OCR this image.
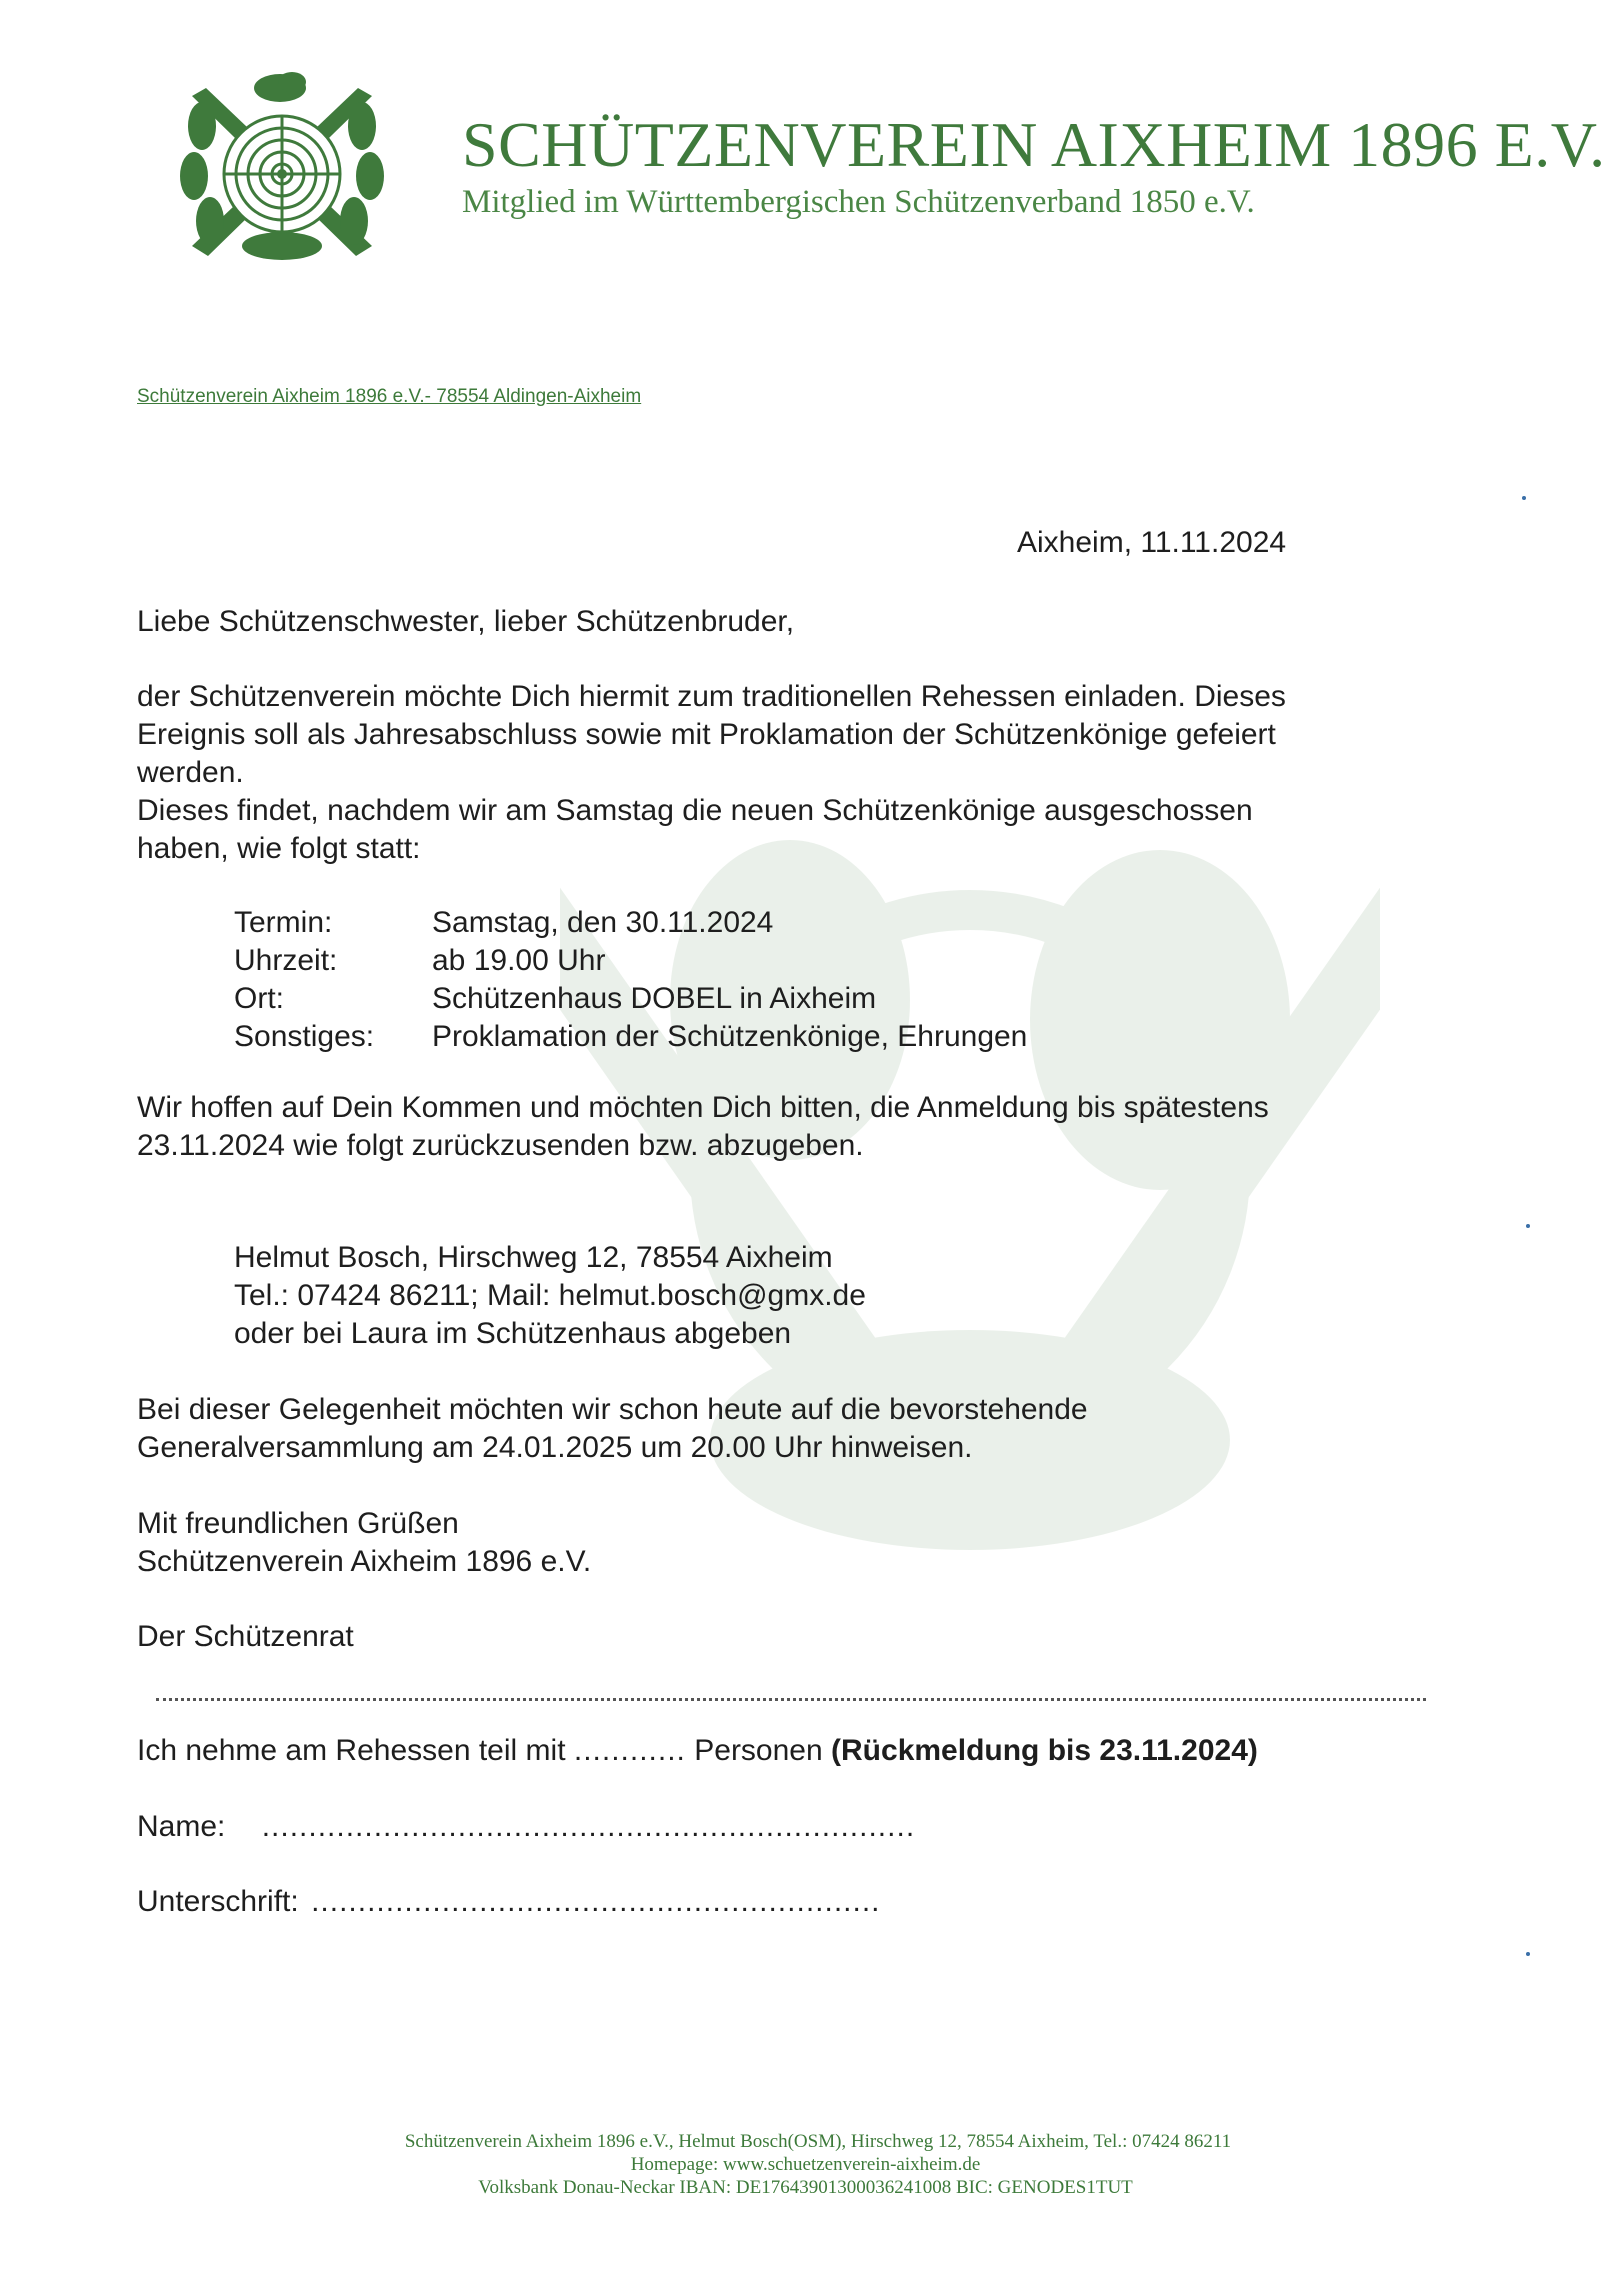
SCHÜTZENVEREIN AIXHEIM 1896 E.V.
Mitglied im Württembergischen Schützenverband 1850 e.V.
Schützenverein Aixheim 1896 e.V.- 78554 Aldingen-Aixheim
Aixheim, 11.11.2024
Liebe Schützenschwester, lieber Schützenbruder,
der Schützenverein möchte Dich hiermit zum traditionellen Rehessen einladen. Dieses
Ereignis soll als Jahresabschluss sowie mit Proklamation der Schützenkönige gefeiert
werden.
Dieses findet, nachdem wir am Samstag die neuen Schützenkönige ausgeschossen
haben, wie folgt statt:
Termin:	Samstag, den 30.11.2024
Uhrzeit:	ab 19.00 Uhr
Ort:	Schützenhaus DOBEL in Aixheim
Sonstiges:	Proklamation der Schützenkönige, Ehrungen
Wir hoffen auf Dein Kommen und möchten Dich bitten, die Anmeldung bis spätestens
23.11.2024 wie folgt zurückzusenden bzw. abzugeben.
Helmut Bosch, Hirschweg 12, 78554 Aixheim
Tel.: 07424 86211; Mail: helmut.bosch@gmx.de
oder bei Laura im Schützenhaus abgeben
Bei dieser Gelegenheit möchten wir schon heute auf die bevorstehende
Generalversammlung am 24.01.2025 um 20.00 Uhr hinweisen.
Mit freundlichen Grüßen
Schützenverein Aixheim 1896 e.V.
Der Schützenrat
Ich nehme am Rehessen teil mit ............ Personen (Rückmeldung bis 23.11.2024)
Name: ......................................................................
Unterschrift: .............................................................
Schützenverein Aixheim 1896 e.V., Helmut Bosch(OSM), Hirschweg 12, 78554 Aixheim, Tel.: 07424 86211
Homepage: www.schuetzenverein-aixheim.de
Volksbank Donau-Neckar IBAN: DE17643901300036241008 BIC: GENODES1TUT
